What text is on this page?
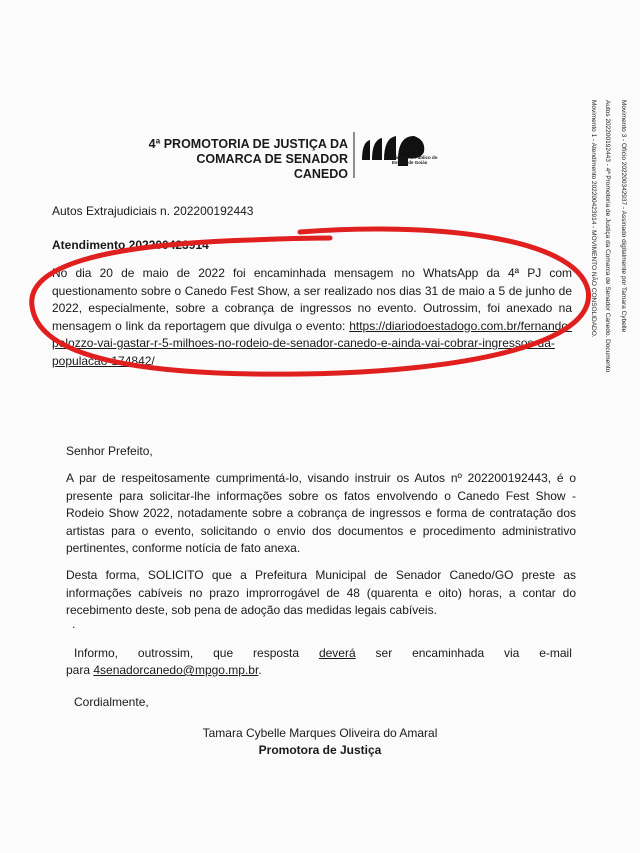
4ª PROMOTORIA DE JUSTIÇA DA
COMARCA DE SENADOR CANEDO
Ministério Público do Estado de Goiás
Autos Extrajudiciais n. 202200192443
Atendimento 202200423914
No dia 20 de maio de 2022 foi encaminhada mensagem no WhatsApp da 4ª PJ com questionamento sobre o Canedo Fest Show, a ser realizado nos dias 31 de maio a 5 de junho de 2022, especialmente, sobre a cobrança de ingressos no evento. Outrossim, foi anexado na mensagem o link da reportagem que divulga o evento: https://diariodoestadogo.com.br/fernando-pelozzo-vai-gastar-r-5-milhoes-no-rodeio-de-senador-canedo-e-ainda-vai-cobrar-ingressos-da-populacao-174842/
Senhor Prefeito,
A par de respeitosamente cumprimentá-lo, visando instruir os Autos nº 202200192443, é o presente para solicitar-lhe informações sobre os fatos envolvendo o Canedo Fest Show - Rodeio Show 2022, notadamente sobre a cobrança de ingressos e forma de contratação dos artistas para o evento, solicitando o envio dos documentos e procedimento administrativo pertinentes, conforme notícia de fato anexa.
Desta forma, SOLICITO que a Prefeitura Municipal de Senador Canedo/GO preste as informações cabíveis no prazo improrrogável de 48 (quarenta e oito) horas, a contar do recebimento deste, sob pena de adoção das medidas legais cabíveis.
.
Informo, outrossim, que resposta deverá ser encaminhada via e-mail
para 4senadorcanedo@mpgo.mp.br.
Cordialmente,
Tamara Cybelle Marques Oliveira do Amaral
Promotora de Justiça
Movimento 3 - Ofício 202200342937 - Assinado digitalmente por Tamara Cybelle
Autos 202200192443 - 4ª Promotoria de Justiça da Comarca de Senador Canedo. Documento
Movimento 1 - Atendimento 202200423914 - MOVIMENTO NÃO CONSOLIDADO.
